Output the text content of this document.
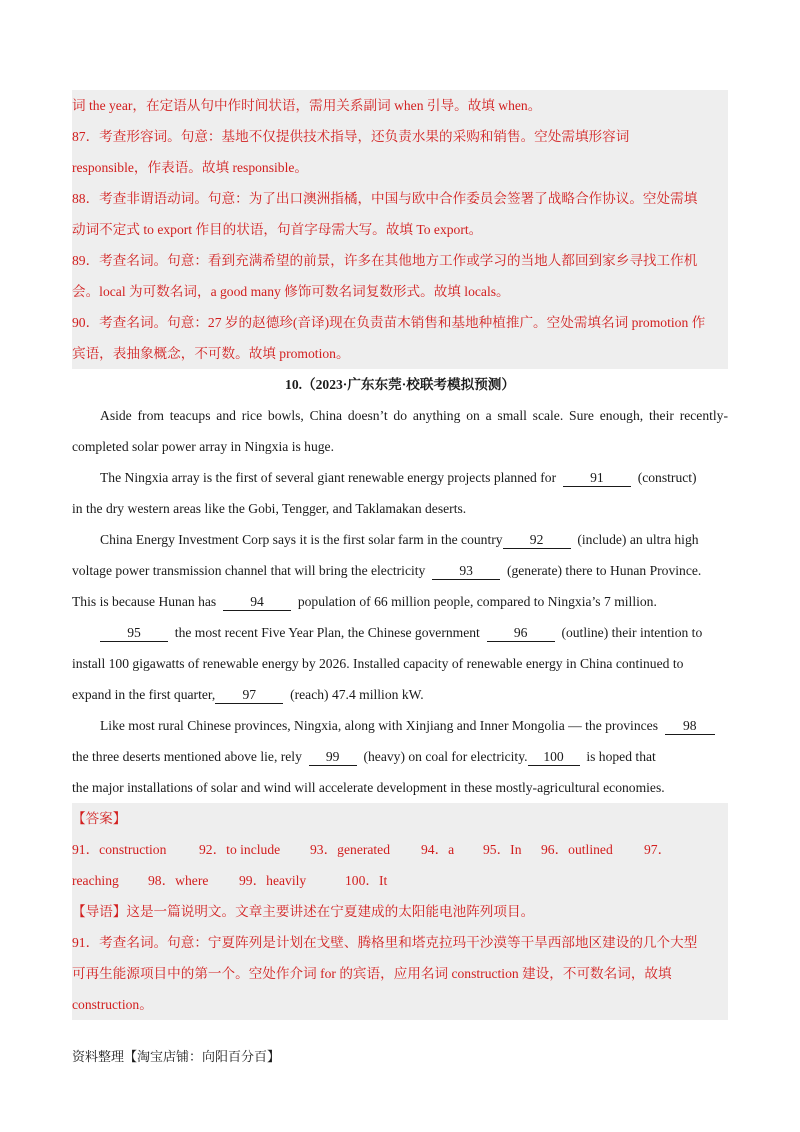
词 the year，在定语从句中作时间状语，需用关系副词 when 引导。故填 when。
87．考查形容词。句意：基地不仅提供技术指导，还负责水果的采购和销售。空处需填形容词
responsible，作表语。故填 responsible。
88．考查非谓语动词。句意：为了出口澳洲指橘，中国与欧中合作委员会签署了战略合作协议。空处需填
动词不定式 to export 作目的状语，句首字母需大写。故填 To export。
89．考查名词。句意：看到充满希望的前景，许多在其他地方工作或学习的当地人都回到家乡寻找工作机
会。local 为可数名词，a good many 修饰可数名词复数形式。故填 locals。
90．考查名词。句意：27 岁的赵德珍(音译)现在负责苗木销售和基地种植推广。空处需填名词 promotion 作
宾语，表抽象概念，不可数。故填 promotion。
10.（2023·广东东莞·校联考模拟预测）
Aside from teacups and rice bowls, China doesn’t do anything on a small scale. Sure enough, their recently-
completed solar power array in Ningxia is huge.
The Ningxia array is the first of several giant renewable energy projects planned for	91	(construct)
in the dry western areas like the Gobi, Tengger, and Taklamakan deserts.
China Energy Investment Corp says it is the first solar farm in the country 92	(include) an ultra high
voltage power transmission channel that will bring the electricity	93	(generate) there to Hunan Province.
This is because Hunan has	94	population of 66 million people, compared to Ningxia’s 7 million.
95	the most recent Five Year Plan, the Chinese government	96	(outline) their intention to
install 100 gigawatts of renewable energy by 2026. Installed capacity of renewable energy in China continued to
expand in the first quarter, 97	(reach) 47.4 million kW.
Like most rural Chinese provinces, Ningxia, along with Xinjiang and Inner Mongolia — the provinces 98
the three deserts mentioned above lie, rely 99 (heavy) on coal for electricity. 100 is hoped that
the major installations of solar and wind will accelerate development in these mostly-agricultural economies.
【答案】
91．construction 92．to include 93．generated 94．a 95．In 96．outlined 97．
reaching 98．where 99．heavily	100．It
【导语】这是一篇说明文。文章主要讲述在宁夏建成的太阳能电池阵列项目。
91．考查名词。句意：宁夏阵列是计划在戈壁、腾格里和塔克拉玛干沙漠等干旱西部地区建设的几个大型
可再生能源项目中的第一个。空处作介词 for 的宾语，应用名词 construction 建设，不可数名词，故填
construction。
资料整理【淘宝店铺：向阳百分百】
